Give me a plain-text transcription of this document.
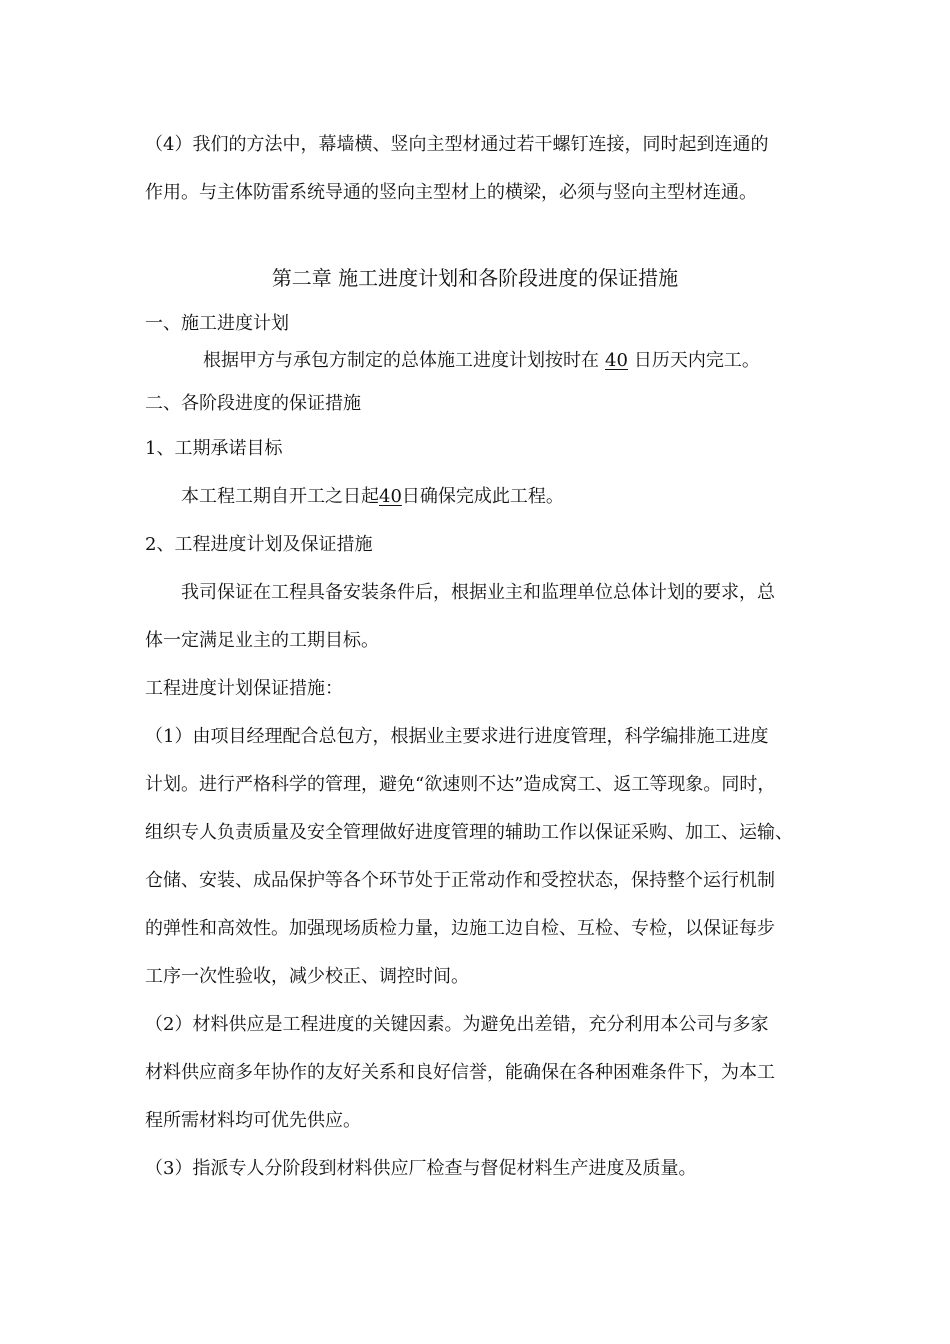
（4）我们的方法中，幕墙横、竖向主型材通过若干螺钉连接，同时起到连通的
作用。与主体防雷系统导通的竖向主型材上的横梁，必须与竖向主型材连通。
第二章 施工进度计划和各阶段进度的保证措施
一、施工进度计划
根据甲方与承包方制定的总体施工进度计划按时在 40 日历天内完工。
二、各阶段进度的保证措施
1、工期承诺目标
本工程工期自开工之日起40日确保完成此工程。
2、工程进度计划及保证措施
我司保证在工程具备安装条件后，根据业主和监理单位总体计划的要求，总
体一定满足业主的工期目标。
工程进度计划保证措施：
（1）由项目经理配合总包方，根据业主要求进行进度管理，科学编排施工进度
计划。进行严格科学的管理，避免“欲速则不达”造成窝工、返工等现象。同时，
组织专人负责质量及安全管理做好进度管理的辅助工作以保证采购、加工、运输、
仓储、安装、成品保护等各个环节处于正常动作和受控状态，保持整个运行机制
的弹性和高效性。加强现场质检力量，边施工边自检、互检、专检，以保证每步
工序一次性验收，减少校正、调控时间。
（2）材料供应是工程进度的关键因素。为避免出差错，充分利用本公司与多家
材料供应商多年协作的友好关系和良好信誉，能确保在各种困难条件下，为本工
程所需材料均可优先供应。
（3）指派专人分阶段到材料供应厂检查与督促材料生产进度及质量。
